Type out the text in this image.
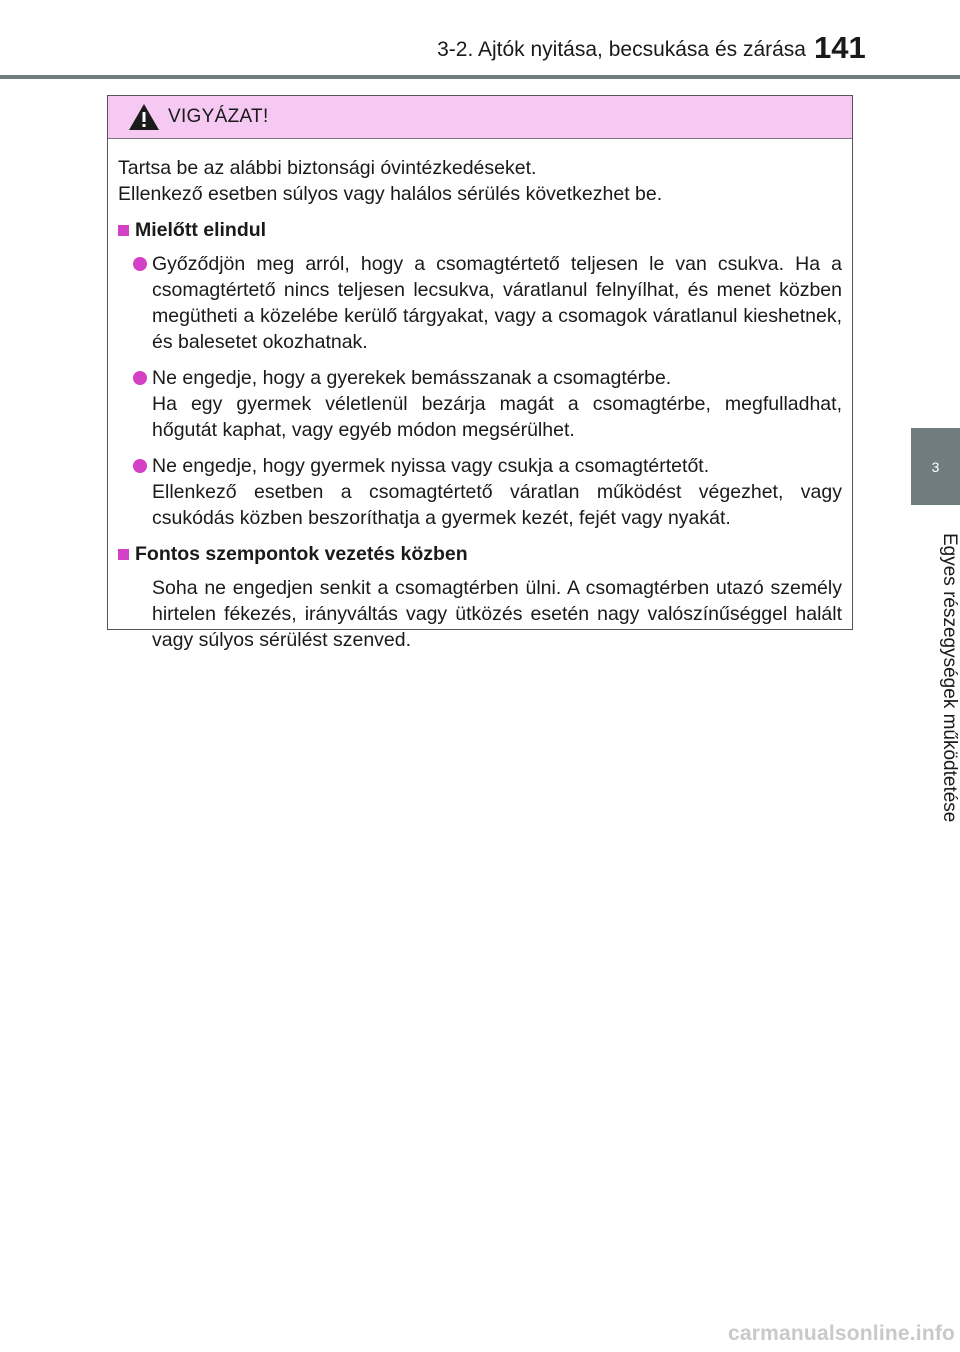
3-2. Ajtók nyitása, becsukása és zárása 141
3
Egyes részegységek működtetése
VIGYÁZAT!
Tartsa be az alábbi biztonsági óvintézkedéseket.
Ellenkező esetben súlyos vagy halálos sérülés következhet be.
Mielőtt elindul
Győződjön meg arról, hogy a csomagtértető teljesen le van csukva. Ha a csomagtértető nincs teljesen lecsukva, váratlanul felnyílhat, és menet közben megütheti a közelébe kerülő tárgyakat, vagy a csomagok váratlanul kieshetnek, és balesetet okozhatnak.
Ne engedje, hogy a gyerekek bemásszanak a csomagtérbe.
Ha egy gyermek véletlenül bezárja magát a csomagtérbe, megfulladhat, hőgutát kaphat, vagy egyéb módon megsérülhet.
Ne engedje, hogy gyermek nyissa vagy csukja a csomagtértetőt.
Ellenkező esetben a csomagtértető váratlan működést végezhet, vagy csukódás közben beszoríthatja a gyermek kezét, fejét vagy nyakát.
Fontos szempontok vezetés közben
Soha ne engedjen senkit a csomagtérben ülni. A csomagtérben utazó személy hirtelen fékezés, irányváltás vagy ütközés esetén nagy valószínűséggel halált vagy súlyos sérülést szenved.
carmanualsonline.info
